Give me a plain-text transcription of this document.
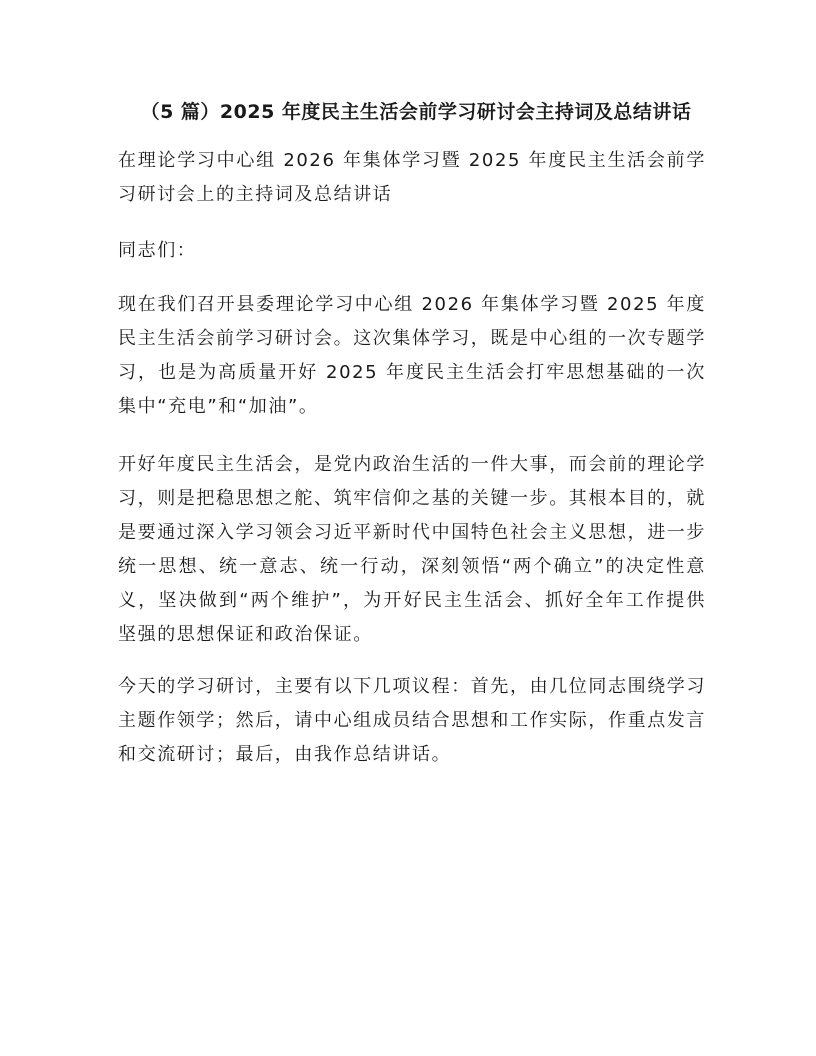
（5 篇）2025 年度民主生活会前学习研讨会主持词及总结讲话

在理论学习中心组 2026 年集体学习暨 2025 年度民主生活会前学习研讨会上的主持词及总结讲话

同志们：

现在我们召开县委理论学习中心组 2026 年集体学习暨 2025 年度民主生活会前学习研讨会。这次集体学习，既是中心组的一次专题学习，也是为高质量开好 2025 年度民主生活会打牢思想基础的一次集中“充电”和“加油”。

开好年度民主生活会，是党内政治生活的一件大事，而会前的理论学习，则是把稳思想之舵、筑牢信仰之基的关键一步。其根本目的，就是要通过深入学习领会习近平新时代中国特色社会主义思想，进一步统一思想、统一意志、统一行动，深刻领悟“两个确立”的决定性意义，坚决做到“两个维护”，为开好民主生活会、抓好全年工作提供坚强的思想保证和政治保证。

今天的学习研讨，主要有以下几项议程：首先，由几位同志围绕学习主题作领学；然后，请中心组成员结合思想和工作实际，作重点发言和交流研讨；最后，由我作总结讲话。
